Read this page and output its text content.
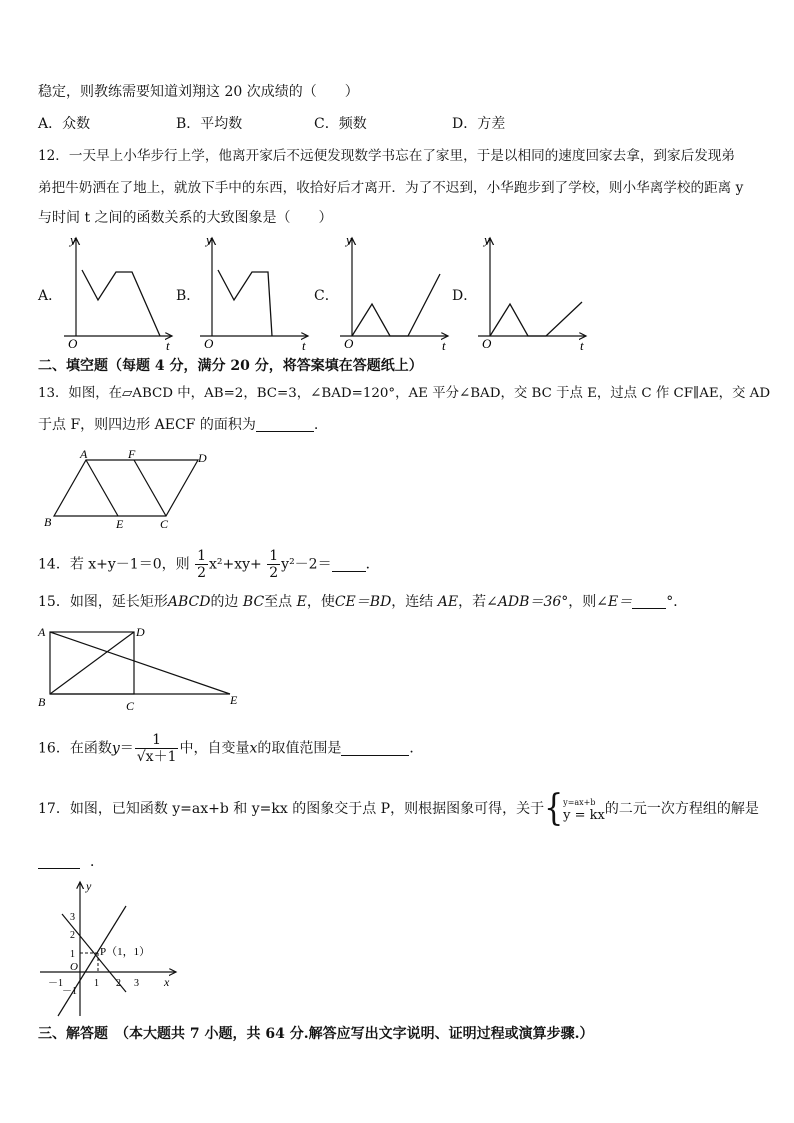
稳定，则教练需要知道刘翔这 20 次成绩的（　　）
A．众数	B．平均数	C．频数	D．方差
12．一天早上小华步行上学，他离开家后不远便发现数学书忘在了家里，于是以相同的速度回家去拿，到家后发现弟
弟把牛奶洒在了地上，就放下手中的东西，收拾好后才离开．为了不迟到，小华跑步到了学校，则小华离学校的距离 y
与时间 t 之间的函数关系的大致图象是（　　）
A．	B．	C．	D．
y
t
O
y
t
O
y
t
O
y
t
O
二、填空题（每题 4 分，满分 20 分，将答案填在答题纸上）
13．如图，在▱ABCD 中，AB=2，BC=3，∠BAD=120°，AE 平分∠BAD，交 BC 于点 E，过点 C 作 CF∥AE，交 AD
于点 F，则四边形 AECF 的面积为	.
A	F	D
B	E	C
14．若 x+y－1＝0，则 $\frac{1}{2} x^2+xy+ \frac{1}{2} y^2-2=$ ．
15．如图，延长矩形ABCD的边 BC至点 E，使CE＝BD，连结 AE，若∠ADB＝36°，则∠E＝ °．
A	D
B	C	E
16．在函数$y= \frac{1}{√x+1}$ 中，自变量x的取值范围是	．
17．如图，已知函数 y=ax+b 和 y=kx 的图象交于点 P，则根据图象可得，关于{ y=ax+b
y = kx 的二元一次方程组的解是
．
y
x
O
P（1，1）
－1	1 2 3
3
2
1
－1
三、解答题　（本大题共 7 小题，共 64 分.解答应写出文字说明、证明过程或演算步骤.）
